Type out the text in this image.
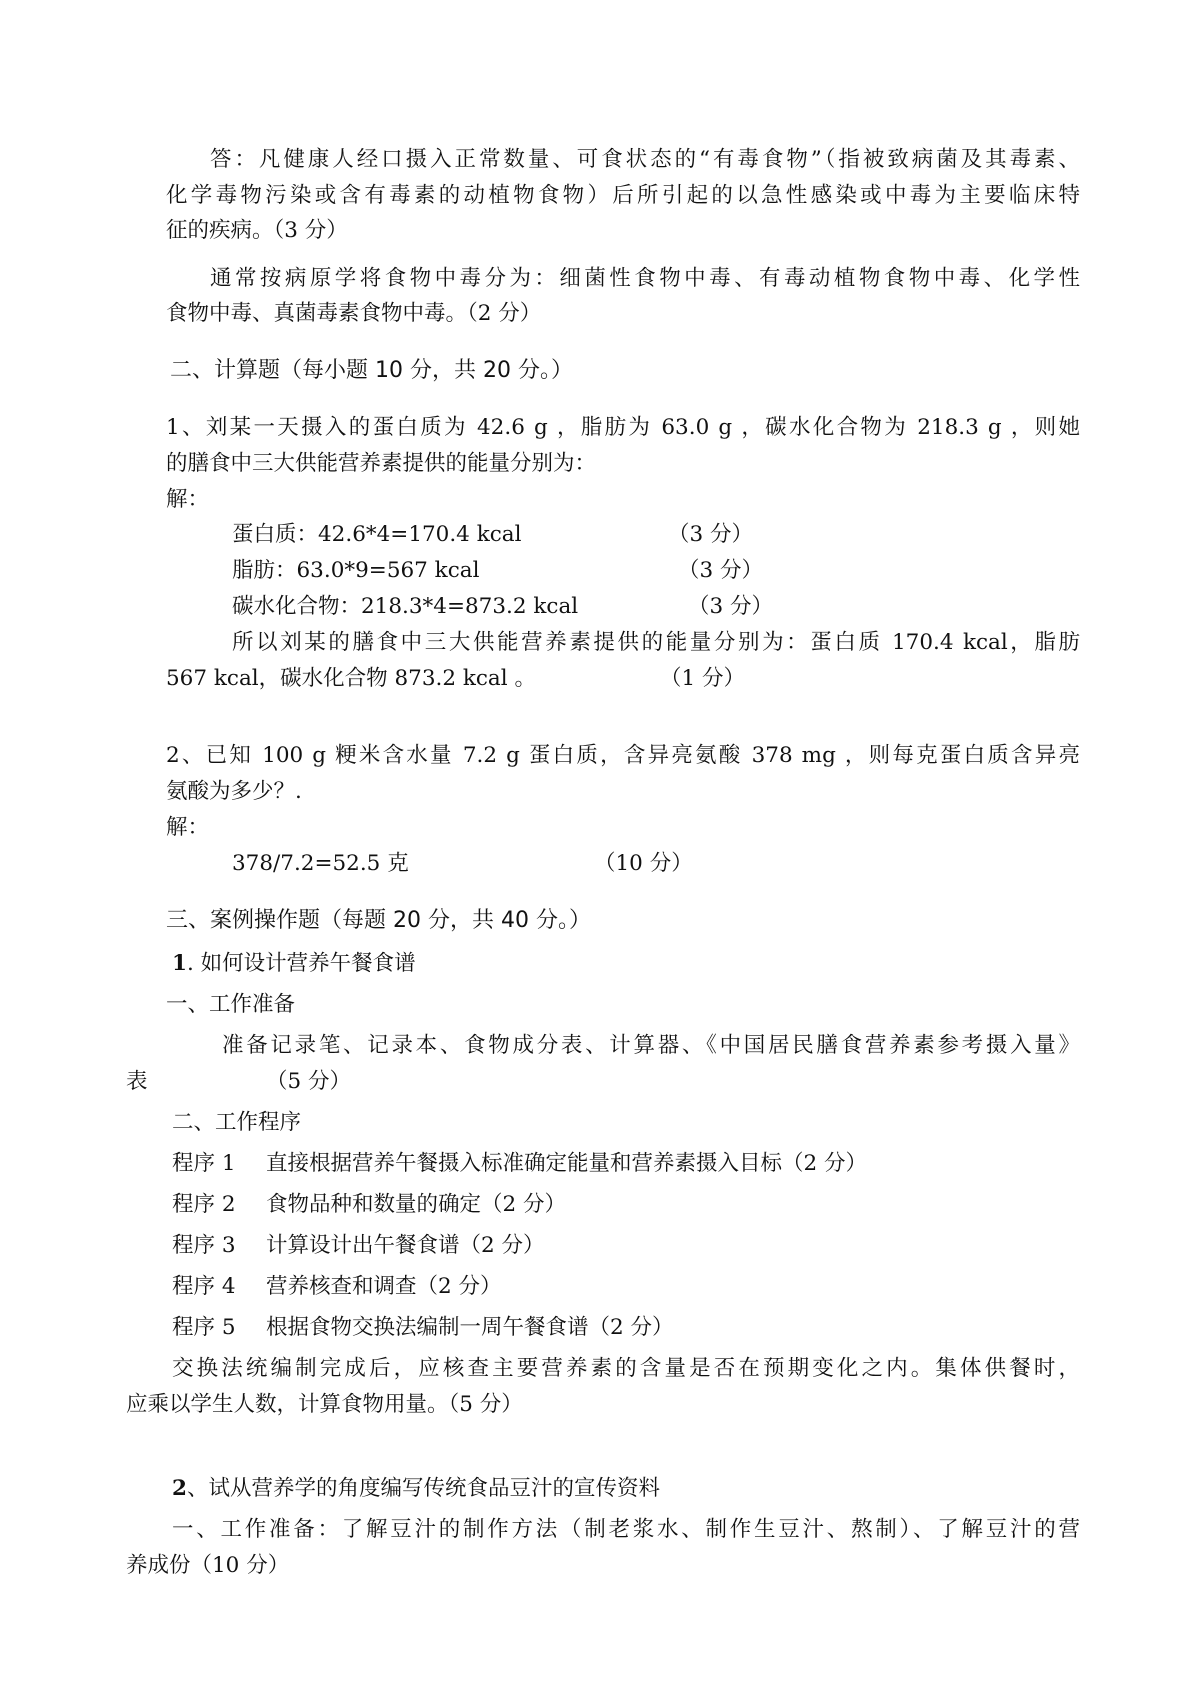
答：凡健康人经口摄入正常数量、可食状态的“有毒食物”（指被致病菌及其毒素、
化学毒物污染或含有毒素的动植物食物）后所引起的以急性感染或中毒为主要临床特
征的疾病。（3 分）
通常按病原学将食物中毒分为：细菌性食物中毒、有毒动植物食物中毒、化学性
食物中毒、真菌毒素食物中毒。（2 分）
二、计算题（每小题 10 分，共 20 分。）
1、刘某一天摄入的蛋白质为 42.6 g ，脂肪为 63.0 g ，碳水化合物为 218.3 g ，则她
的膳食中三大供能营养素提供的能量分别为：
解：
蛋白质：42.6*4=170.4 kcal	（3 分）
脂肪：63.0*9=567 kcal	（3 分）
碳水化合物：218.3*4=873.2 kcal	（3 分）
所以刘某的膳食中三大供能营养素提供的能量分别为：蛋白质 170.4 kcal，脂肪
567 kcal，碳水化合物 873.2 kcal 。	（1 分）
2、已知 100 g 粳米含水量 7.2 g 蛋白质，含异亮氨酸 378 mg ，则每克蛋白质含异亮
氨酸为多少？.
解：
378/7.2=52.5 克	（10 分）
三、案例操作题（每题 20 分，共 40 分。）
1. 如何设计营养午餐食谱
一、工作准备
准备记录笔、记录本、食物成分表、计算器、《中国居民膳食营养素参考摄入量》
表	（5 分）
二、工作程序
程序 1 直接根据营养午餐摄入标准确定能量和营养素摄入目标（2 分）
程序 2 食物品种和数量的确定（2 分）
程序 3 计算设计出午餐食谱（2 分）
程序 4 营养核查和调查（2 分）
程序 5 根据食物交换法编制一周午餐食谱（2 分）
交换法统编制完成后，应核查主要营养素的含量是否在预期变化之内。集体供餐时，
应乘以学生人数，计算食物用量。（5 分）
2、试从营养学的角度编写传统食品豆汁的宣传资料
一、工作准备：了解豆汁的制作方法（制老浆水、制作生豆汁、熬制）、了解豆汁的营
养成份（10 分）
